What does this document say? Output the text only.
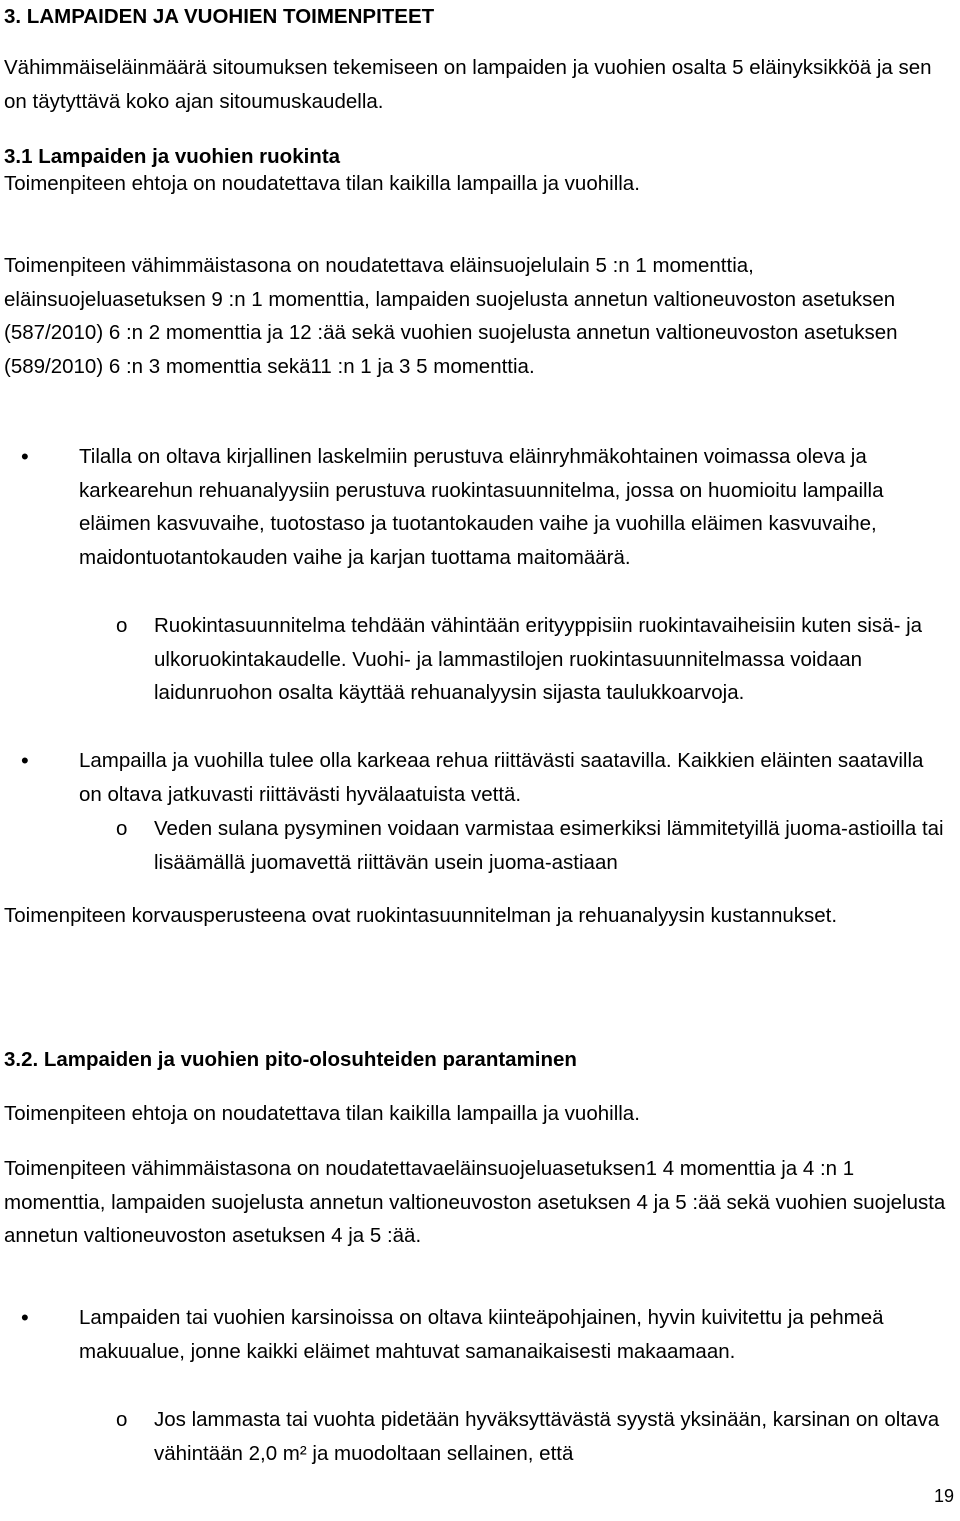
3. LAMPAIDEN JA VUOHIEN TOIMENPITEET
Vähimmäiseläinmäärä sitoumuksen tekemiseen on lampaiden ja vuohien osalta 5 eläinyksikköä ja sen on täytyttävä koko ajan sitoumuskaudella.
3.1 Lampaiden ja vuohien ruokinta
Toimenpiteen ehtoja on noudatettava tilan kaikilla lampailla ja vuohilla.
Toimenpiteen vähimmäistasona on noudatettava eläinsuojelulain 5 :n 1 momenttia, eläinsuojeluasetuksen 9 :n 1 momenttia, lampaiden suojelusta annetun valtioneuvoston asetuksen (587/2010) 6 :n 2 momenttia ja 12 :ää sekä vuohien suojelusta annetun valtioneuvoston asetuksen (589/2010) 6 :n 3 momenttia sekä11 :n 1 ja 3 5 momenttia.
• Tilalla on oltava kirjallinen laskelmiin perustuva eläinryhmäkohtainen voimassa oleva ja karkearehun rehuanalyysiin perustuva ruokintasuunnitelma, jossa on huomioitu lampailla eläimen kasvuvaihe, tuotostaso ja tuotantokauden vaihe ja vuohilla eläimen kasvuvaihe, maidontuotantokauden vaihe ja karjan tuottama maitomäärä.
o Ruokintasuunnitelma tehdään vähintään erityyppisiin ruokintavaiheisiin kuten sisä- ja ulkoruokintakaudelle. Vuohi- ja lammastilojen ruokintasuunnitelmassa voidaan laidunruohon osalta käyttää rehuanalyysin sijasta taulukkoarvoja.
• Lampailla ja vuohilla tulee olla karkeaa rehua riittävästi saatavilla. Kaikkien eläinten saatavilla on oltava jatkuvasti riittävästi hyvälaatuista vettä.
o Veden sulana pysyminen voidaan varmistaa esimerkiksi lämmitetyillä juoma-astioilla tai lisäämällä juomavettä riittävän usein juoma-astiaan
Toimenpiteen korvausperusteena ovat ruokintasuunnitelman ja rehuanalyysin kustannukset.
3.2. Lampaiden ja vuohien pito-olosuhteiden parantaminen
Toimenpiteen ehtoja on noudatettava tilan kaikilla lampailla ja vuohilla.
Toimenpiteen vähimmäistasona on noudatettavaeläinsuojeluasetuksen1 4 momenttia ja 4 :n 1 momenttia, lampaiden suojelusta annetun valtioneuvoston asetuksen 4 ja 5 :ää sekä vuohien suojelusta annetun valtioneuvoston asetuksen 4 ja 5 :ää.
• Lampaiden tai vuohien karsinoissa on oltava kiinteäpohjainen, hyvin kuivitettu ja pehmeä makuualue, jonne kaikki eläimet mahtuvat samanaikaisesti makaamaan.
o Jos lammasta tai vuohta pidetään hyväksyttävästä syystä yksinään, karsinan on oltava vähintään 2,0 m² ja muodoltaan sellainen, että
19
